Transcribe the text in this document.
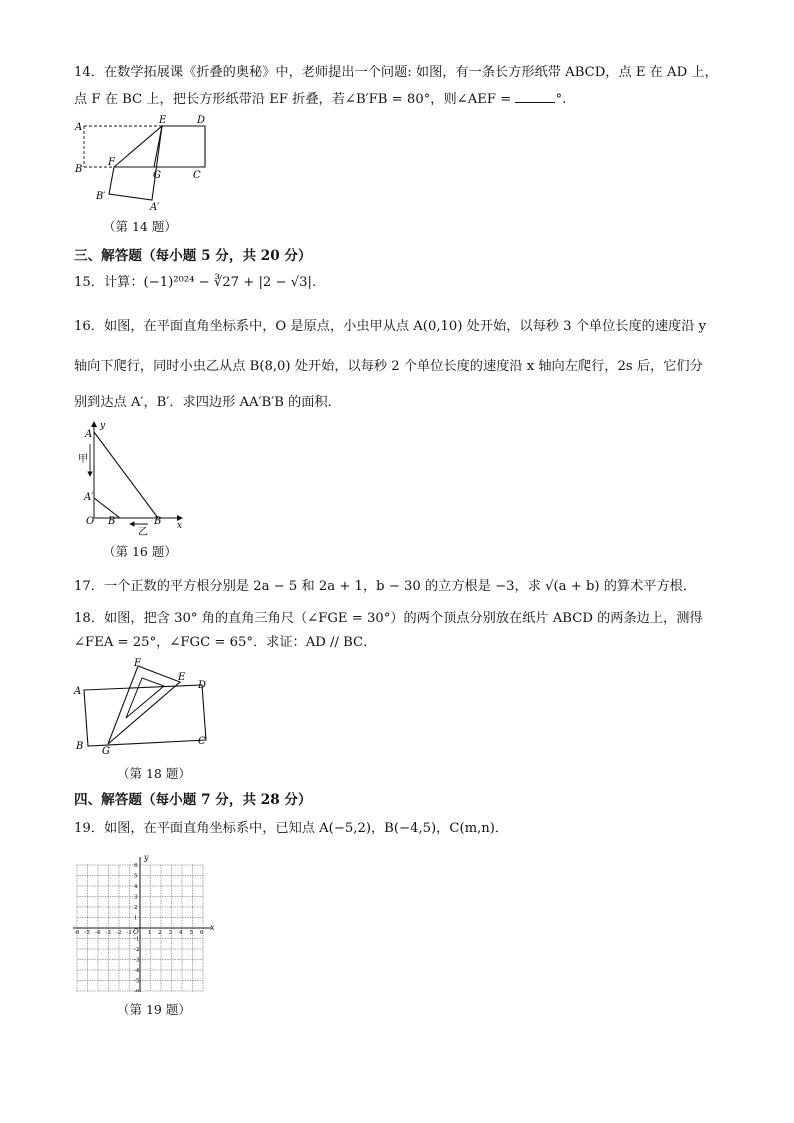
14．在数学拓展课《折叠的奥秘》中，老师提出一个问题: 如图，有一条长方形纸带 ABCD，点 E 在 AD 上，
点 F 在 BC 上，把长方形纸带沿 EF 折叠，若∠B′FB = 80°，则∠AEF =	°.
A
B
E	D
F
G	C
B′
A′
（第 14 题）
三、解答题（每小题 5 分，共 20 分）
15．计算：(−1)²⁰²⁴ − ∛27 + |2 − √3|.
16．如图，在平面直角坐标系中，O 是原点，小虫甲从点 A(0,10) 处开始，以每秒 3 个单位长度的速度沿 y
轴向下爬行，同时小虫乙从点 B(8,0) 处开始，以每秒 2 个单位长度的速度沿 x 轴向左爬行，2s 后，它们分
别到达点 A′，B′．求四边形 AA′B′B 的面积．
y
x
A
甲
A′
O B′	B
乙
（第 16 题）
17．一个正数的平方根分别是 2a − 5 和 2a + 1，b − 30 的立方根是 −3，求 √(a + b) 的算术平方根．
18．如图，把含 30° 角的直角三角尺（∠FGE = 30°）的两个顶点分别放在纸片 ABCD 的两条边上，测得
∠FEA = 25°，∠FGC = 65°．求证：AD // BC．
F
E
D
A
B G
C
（第 18 题）
四、解答题（每小题 7 分，共 28 分）
19．如图，在平面直角坐标系中，已知点 A(−5,2)，B(−4,5)，C(m,n)．
x
y
O
-6 -5 -4 -3 -2 -1	1 2 3 4 5 6
6
5
4
3
2
1
-1
-2
-3
-4
-5
-6
（第 19 题）
